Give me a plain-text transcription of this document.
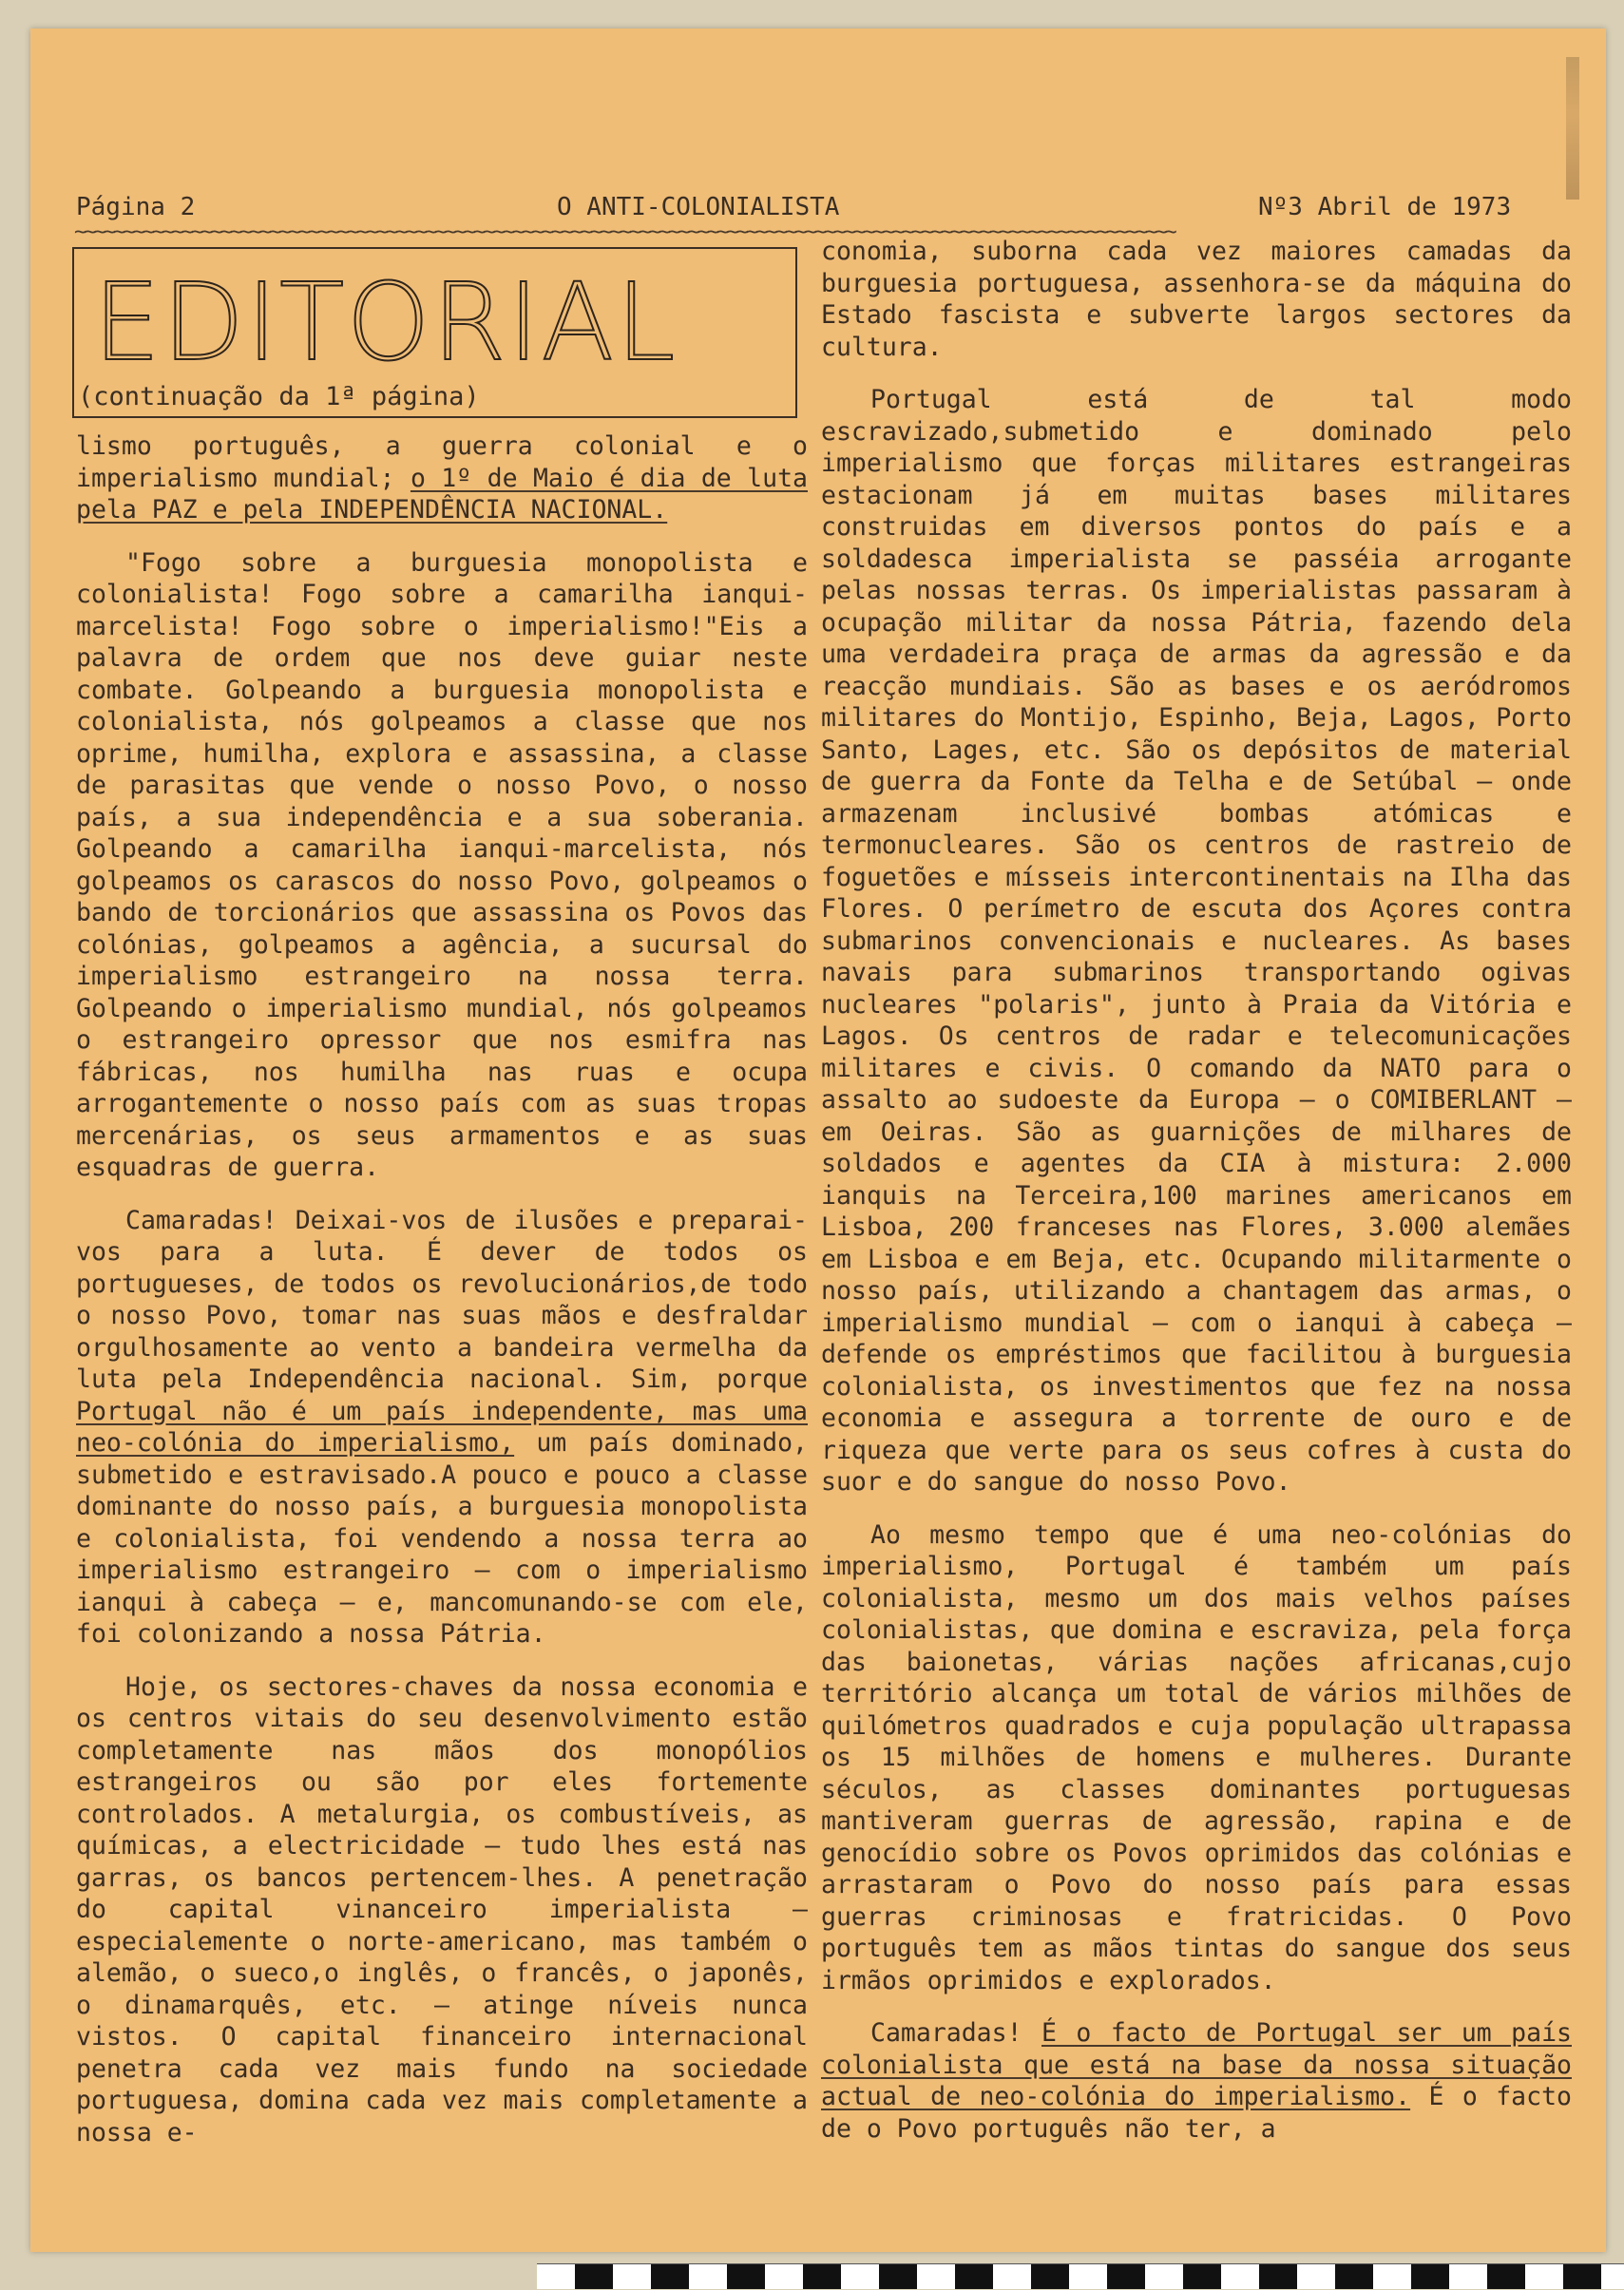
Página 2	O ANTI-COLONIALISTA	Nº3 Abril de 1973
~~~~~~~~~~~~~~~~~~~~~~~~~~~~~~~~~~~~~~~~~~~~~~~~~~~~~~~~~~~~~~~~~~~~~~~~~~~~~~~~~~~~~~~~~~~~~~~~~~~~~~~~~~~~~~~~~
EDITORIAL
(continuação da 1ª página)

lismo português, a guerra colonial e o imperialismo mundial; o 1º de Maio é dia de luta pela PAZ e pela INDEPENDÊNCIA NACIONAL.

"Fogo sobre a burguesia monopolista e colonialista! Fogo sobre a camarilha ianqui-marcelista! Fogo sobre o imperialismo!"Eis a palavra de ordem que nos deve guiar neste combate. Golpeando a burguesia monopolista e colonialista, nós golpeamos a classe que nos oprime, humilha, explora e assassina, a classe de parasitas que vende o nosso Povo, o nosso país, a sua independência e a sua soberania. Golpeando a camarilha ianqui-marcelista, nós golpeamos os carascos do nosso Povo, golpeamos o bando de torcionários que assassina os Povos das colónias, golpeamos a agência, a sucursal do imperialismo estrangeiro na nossa terra. Golpeando o imperialismo mundial, nós golpeamos o estrangeiro opressor que nos esmifra nas fábricas, nos humilha nas ruas e ocupa arrogantemente o nosso país com as suas tropas mercenárias, os seus armamentos e as suas esquadras de guerra.

Camaradas! Deixai-vos de ilusões e preparai-vos para a luta. É dever de todos os portugueses, de todos os revolucionários,de todo o nosso Povo, tomar nas suas mãos e desfraldar orgulhosamente ao vento a bandeira vermelha da luta pela Independência nacional. Sim, porque Portugal não é um país independente, mas uma neo-colónia do imperialismo, um país dominado, submetido e estravisado.A pouco e pouco a classe dominante do nosso país, a burguesia monopolista e colonialista, foi vendendo a nossa terra ao imperialismo estrangeiro — com o imperialismo ianqui à cabeça — e, mancomunando-se com ele, foi colonizando a nossa Pátria.

Hoje, os sectores-chaves da nossa economia e os centros vitais do seu desenvolvimento estão completamente nas mãos dos monopólios estrangeiros ou são por eles fortemente controlados. A metalurgia, os combustíveis, as químicas, a electricidade — tudo lhes está nas garras, os bancos pertencem-lhes. A penetração do capital vinanceiro imperialista — especialemente o norte-americano, mas também o alemão, o sueco,o inglês, o francês, o japonês, o dinamarquês, etc. — atinge níveis nunca vistos. O capital financeiro internacional penetra cada vez mais fundo na sociedade portuguesa, domina cada vez mais completamente a nossa e-

conomia, suborna cada vez maiores camadas da burguesia portuguesa, assenhora-se da máquina do Estado fascista e subverte largos sectores da cultura.

Portugal está de tal modo escravizado,submetido e dominado pelo imperialismo que forças militares estrangeiras estacionam já em muitas bases militares construidas em diversos pontos do país e a soldadesca imperialista se passéia arrogante pelas nossas terras. Os imperialistas passaram à ocupação militar da nossa Pátria, fazendo dela uma verdadeira praça de armas da agressão e da reacção mundiais. São as bases e os aeródromos militares do Montijo, Espinho, Beja, Lagos, Porto Santo, Lages, etc. São os depósitos de material de guerra da Fonte da Telha e de Setúbal — onde armazenam inclusivé bombas atómicas e termonucleares. São os centros de rastreio de foguetões e mísseis intercontinentais na Ilha das Flores. O perímetro de escuta dos Açores contra submarinos convencionais e nucleares. As bases navais para submarinos transportando ogivas nucleares "polaris", junto à Praia da Vitória e Lagos. Os centros de radar e telecomunicações militares e civis. O comando da NATO para o assalto ao sudoeste da Europa — o COMIBERLANT — em Oeiras. São as guarnições de milhares de soldados e agentes da CIA à mistura: 2.000 ianquis na Terceira,100 marines americanos em Lisboa, 200 franceses nas Flores, 3.000 alemães em Lisboa e em Beja, etc. Ocupando militarmente o nosso país, utilizando a chantagem das armas, o imperialismo mundial — com o ianqui à cabeça — defende os empréstimos que facilitou à burguesia colonialista, os investimentos que fez na nossa economia e assegura a torrente de ouro e de riqueza que verte para os seus cofres à custa do suor e do sangue do nosso Povo.

Ao mesmo tempo que é uma neo-colónias do imperialismo, Portugal é também um país colonialista, mesmo um dos mais velhos países colonialistas, que domina e escraviza, pela força das baionetas, várias nações africanas,cujo território alcança um total de vários milhões de quilómetros quadrados e cuja população ultrapassa os 15 milhões de homens e mulheres. Durante séculos, as classes dominantes portuguesas mantiveram guerras de agressão, rapina e de genocídio sobre os Povos oprimidos das colónias e arrastaram o Povo do nosso país para essas guerras criminosas e fratricidas. O Povo português tem as mãos tintas do sangue dos seus irmãos oprimidos e explorados.

Camaradas! É o facto de Portugal ser um país colonialista que está na base da nossa situação actual de neo-colónia do imperialismo. É o facto de o Povo português não ter, a
